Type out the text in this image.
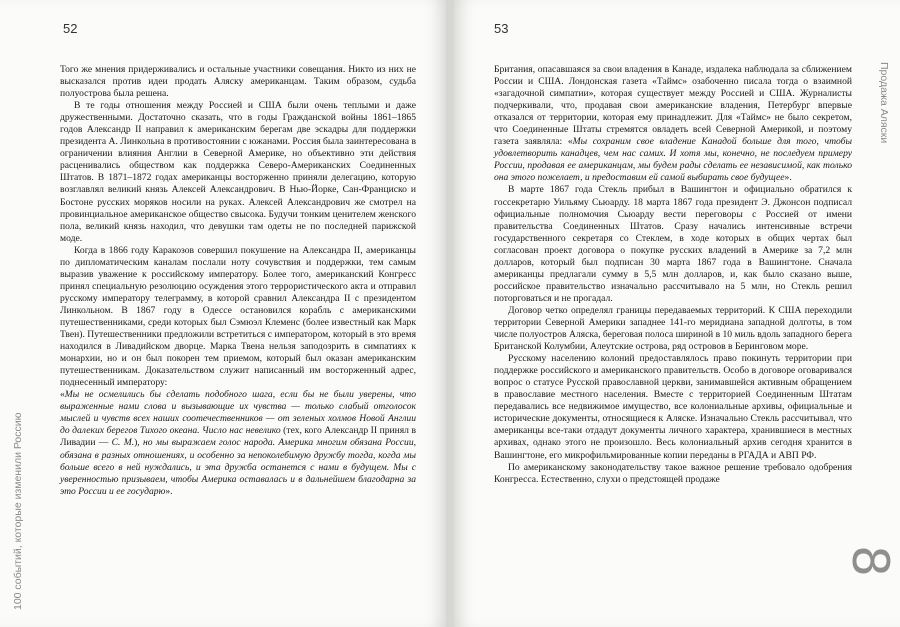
52
100 событий, которые изменили Россию

Того же мнения придерживались и остальные участники совещания. Никто из них не высказался против идеи продать Аляску американцам. Таким образом, судьба полуострова была решена.

В те годы отношения между Россией и США были очень теплыми и даже дружественными. Достаточно сказать, что в годы Гражданской войны 1861–1865 годов Александр II направил к американским берегам две эскадры для поддержки президента А. Линкольна в противостоянии с южанами. Россия была заинтересована в ограничении влияния Англии в Северной Америке, но объективно эти действия расценивались обществом как поддержка Северо-Американских Соединенных Штатов. В 1871–1872 годах американцы восторженно приняли делегацию, которую возглавлял великий князь Алексей Александрович. В Нью-Йорке, Сан-Франциско и Бостоне русских моряков носили на руках. Алексей Александрович же смотрел на провинциальное американское общество свысока. Будучи тонким ценителем женского пола, великий князь находил, что девушки там одеты не по последней парижской моде.

Когда в 1866 году Каракозов совершил покушение на Александра II, американцы по дипломатическим каналам послали ноту сочувствия и поддержки, тем самым выразив уважение к российскому императору. Более того, американский Конгресс принял специальную резолюцию осуждения этого террористического акта и отправил русскому императору телеграмму, в которой сравнил Александра II с президентом Линкольном. В 1867 году в Одессе остановился корабль с американскими путешественниками, среди которых был Сэмюэл Клеменс (более известный как Марк Твен). Путешественники предложили встретиться с императором, который в это время находился в Ливадийском дворце. Марка Твена нельзя заподозрить в симпатиях к монархии, но и он был покорен тем приемом, который был оказан американским путешественникам. Доказательством служит написанный им восторженный адрес, поднесенный императору:

«Мы не осмелились бы сделать подобного шага, если бы не были уверены, что выраженные нами слова и вызывающие их чувства — только слабый отголосок мыслей и чувств всех наших соотечественников — от зеленых холмов Новой Англии до далеких берегов Тихого океана. Число нас невелико (тех, кого Александр II принял в Ливадии — С. М.), но мы выражаем голос народа. Америка многим обязана России, обязана в разных отношениях, и особенно за непоколебимую дружбу тогда, когда мы больше всего в ней нуждались, и эта дружба останется с нами в будущем. Мы с уверенностью призываем, чтобы Америка оставалась и в дальнейшем благодарна за это России и ее государю».

53
Продажа Аляски
8

Британия, опасавшаяся за свои владения в Канаде, издалека наблюдала за сближением России и США. Лондонская газета «Таймс» озабоченно писала тогда о взаимной «загадочной симпатии», которая существует между Россией и США. Журналисты подчеркивали, что, продавая свои американские владения, Петербург впервые отказался от территории, которая ему принадлежит. Для «Таймс» не было секретом, что Соединенные Штаты стремятся овладеть всей Северной Америкой, и поэтому газета заявляла: «Мы сохраним свое владение Канадой больше для того, чтобы удовлетворить канадцев, чем нас самих. И хотя мы, конечно, не последуем примеру России, продавая ее американцам, мы будем рады сделать ее независимой, как только она этого пожелает, и предоставим ей самой выбирать свое будущее».

В марте 1867 года Стекль прибыл в Вашингтон и официально обратился к госсекретарю Уильяму Сьюарду. 18 марта 1867 года президент Э. Джонсон подписал официальные полномочия Сьюарду вести переговоры с Россией от имени правительства Соединенных Штатов. Сразу начались интенсивные встречи государственного секретаря со Стеклем, в ходе которых в общих чертах был согласован проект договора о покупке русских владений в Америке за 7,2 млн долларов, который был подписан 30 марта 1867 года в Вашингтоне. Сначала американцы предлагали сумму в 5,5 млн долларов, и, как было сказано выше, российское правительство изначально рассчитывало на 5 млн, но Стекль решил поторговаться и не прогадал.

Договор четко определял границы передаваемых территорий. К США переходили территории Северной Америки западнее 141-го меридиана западной долготы, в том числе полуостров Аляска, береговая полоса шириной в 10 миль вдоль западного берега Британской Колумбии, Алеутские острова, ряд островов в Беринговом море.

Русскому населению колоний предоставлялось право покинуть территории при поддержке российского и американского правительств. Особо в договоре оговаривался вопрос о статусе Русской православной церкви, занимавшейся активным обращением в православие местного населения. Вместе с территорией Соединенным Штатам передавались все недвижимое имущество, все колониальные архивы, официальные и исторические документы, относящиеся к Аляске. Изначально Стекль рассчитывал, что американцы все-таки отдадут документы личного характера, хранившиеся в местных архивах, однако этого не произошло. Весь колониальный архив сегодня хранится в Вашингтоне, его микрофильмированные копии переданы в РГАДА и АВП РФ.

По американскому законодательству такое важное решение требовало одобрения Конгресса. Естественно, слухи о предстоящей продаже
